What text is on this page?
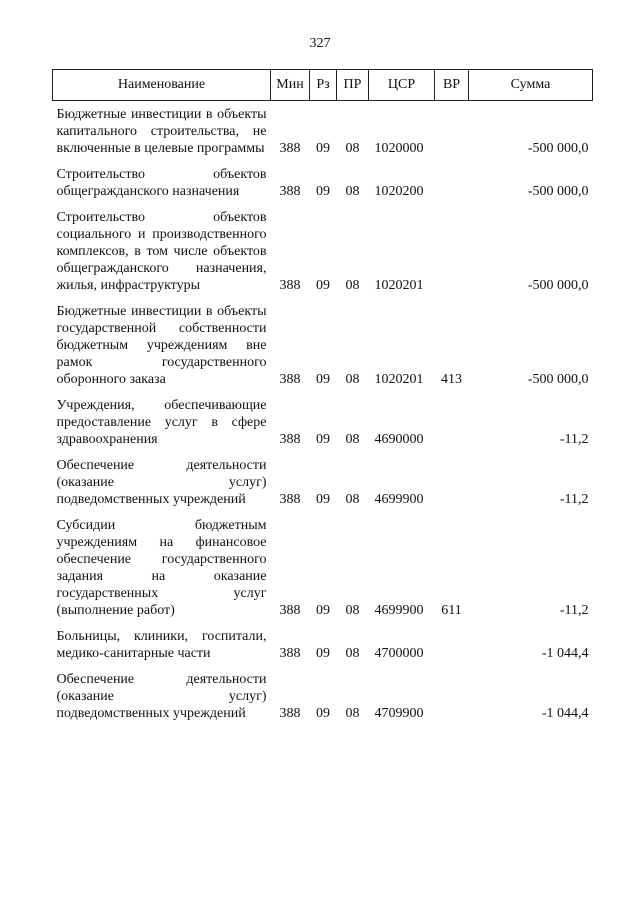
327
Наименование	Мин	Рз	ПР	ЦСР	ВР	Сумма

Бюджетные инвестиции в объекты капитального строительства, не включенные в целевые программы	388	09	08	1020000		-500 000,0

Строительство объектов общегражданского назначения	388	09	08	1020200		-500 000,0

Строительство объектов социального и производственного комплексов, в том числе объектов общегражданского назначения, жилья, инфраструктуры	388	09	08	1020201		-500 000,0

Бюджетные инвестиции в объекты государственной собственности бюджетным учреждениям вне рамок государственного оборонного заказа	388	09	08	1020201	413	-500 000,0

Учреждения, обеспечивающие предоставление услуг в сфере здравоохранения	388	09	08	4690000		-11,2

Обеспечение деятельности (оказание услуг) подведомственных учреждений	388	09	08	4699900		-11,2

Субсидии бюджетным учреждениям на финансовое обеспечение государственного задания на оказание государственных услуг (выполнение работ)	388	09	08	4699900	611	-11,2

Больницы, клиники, госпитали, медико-санитарные части	388	09	08	4700000		-1 044,4

Обеспечение деятельности (оказание услуг) подведомственных учреждений	388	09	08	4709900		-1 044,4
